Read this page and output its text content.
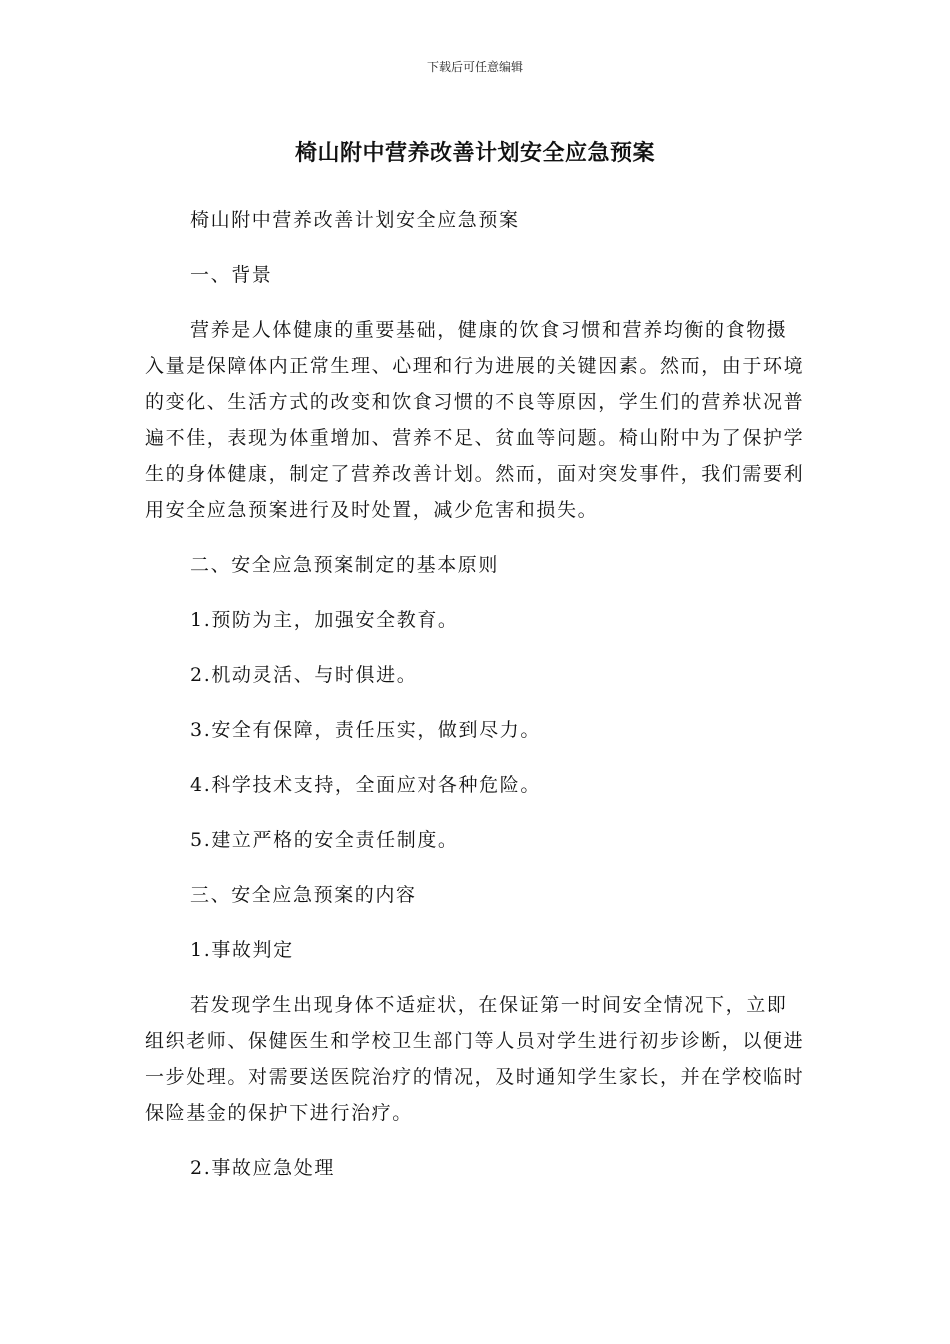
下载后可任意编辑
椅山附中营养改善计划安全应急预案

椅山附中营养改善计划安全应急预案

一、背景

营养是人体健康的重要基础，健康的饮食习惯和营养均衡的食物摄入量是保障体内正常生理、心理和行为进展的关键因素。然而，由于环境的变化、生活方式的改变和饮食习惯的不良等原因，学生们的营养状况普遍不佳，表现为体重增加、营养不足、贫血等问题。椅山附中为了保护学生的身体健康，制定了营养改善计划。然而，面对突发事件，我们需要利用安全应急预案进行及时处置，减少危害和损失。

二、安全应急预案制定的基本原则

1.预防为主，加强安全教育。

2.机动灵活、与时俱进。

3.安全有保障，责任压实，做到尽力。

4.科学技术支持，全面应对各种危险。

5.建立严格的安全责任制度。

三、安全应急预案的内容

1.事故判定

若发现学生出现身体不适症状，在保证第一时间安全情况下，立即组织老师、保健医生和学校卫生部门等人员对学生进行初步诊断，以便进一步处理。对需要送医院治疗的情况，及时通知学生家长，并在学校临时保险基金的保护下进行治疗。

2.事故应急处理
